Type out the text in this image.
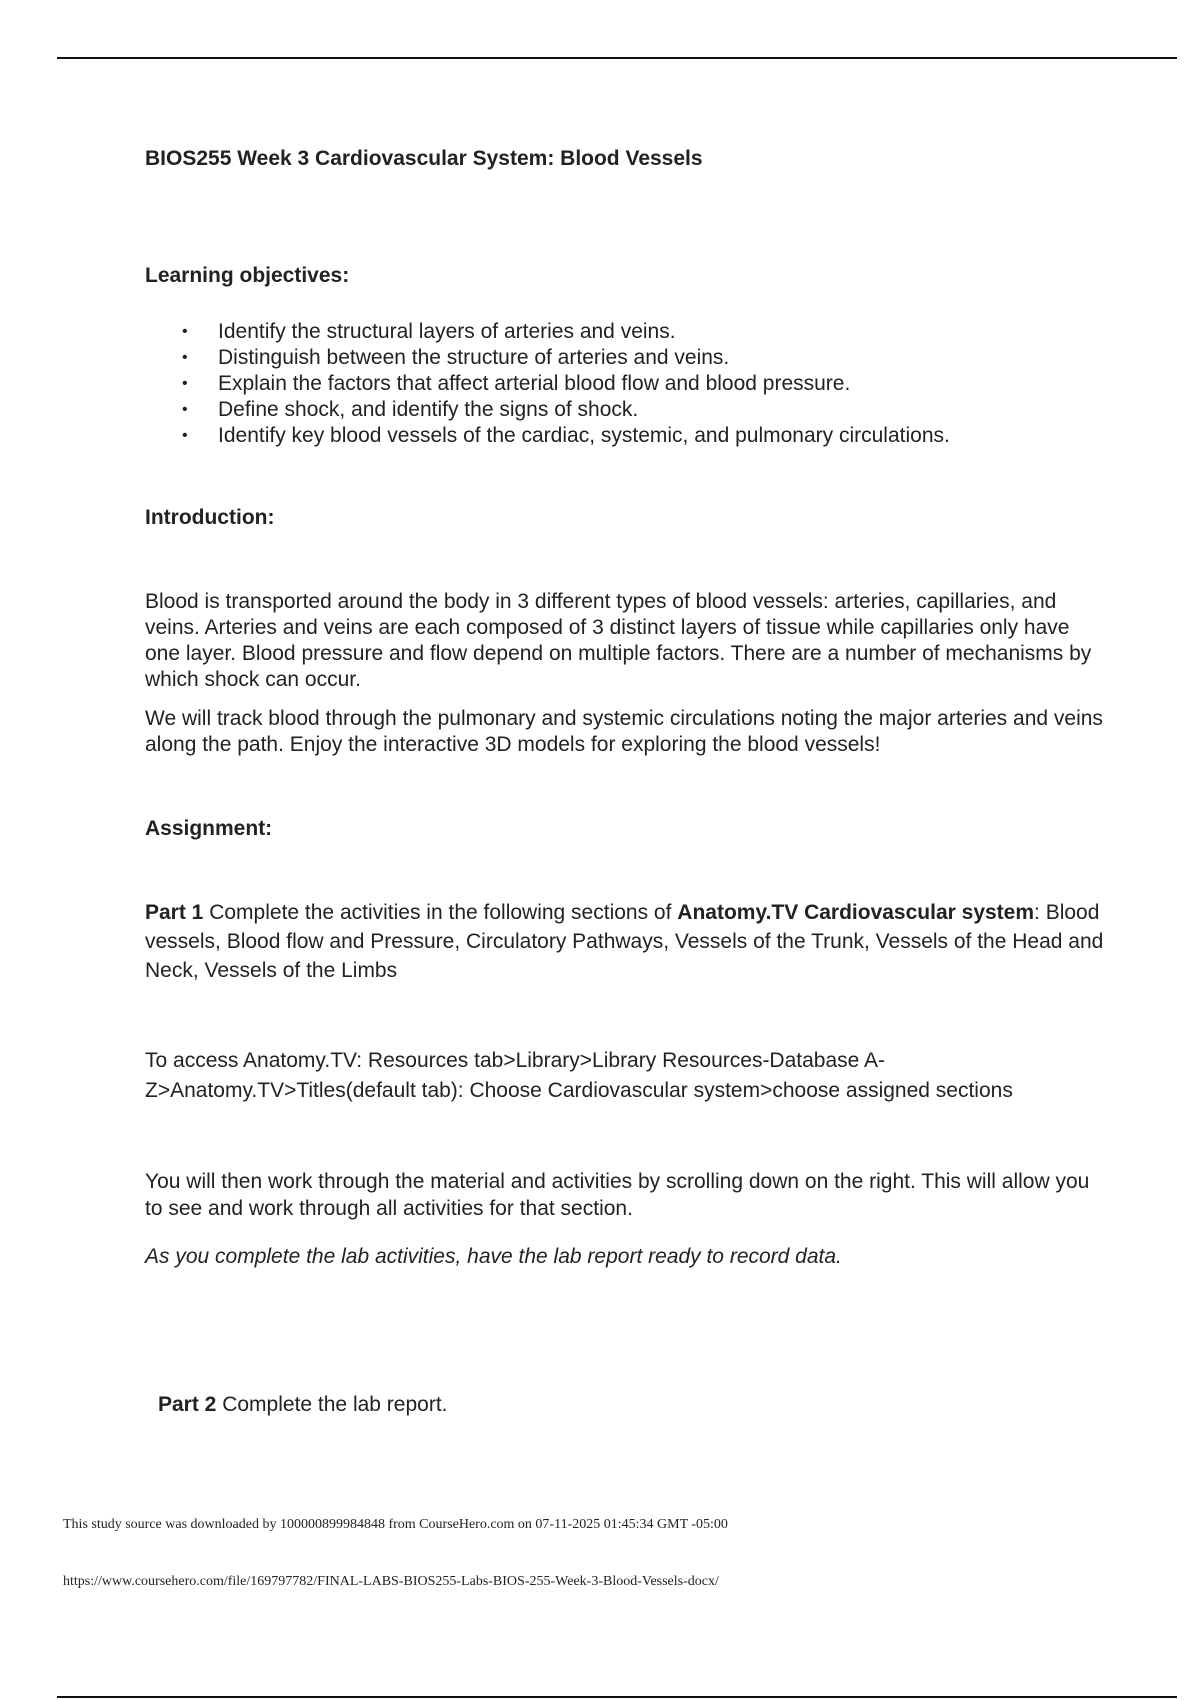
BIOS255 Week 3 Cardiovascular System: Blood Vessels

Learning objectives:

• Identify the structural layers of arteries and veins.
• Distinguish between the structure of arteries and veins.
• Explain the factors that affect arterial blood flow and blood pressure.
• Define shock, and identify the signs of shock.
• Identify key blood vessels of the cardiac, systemic, and pulmonary circulations.

Introduction:

Blood is transported around the body in 3 different types of blood vessels: arteries, capillaries, and veins. Arteries and veins are each composed of 3 distinct layers of tissue while capillaries only have one layer. Blood pressure and flow depend on multiple factors. There are a number of mechanisms by which shock can occur.

We will track blood through the pulmonary and systemic circulations noting the major arteries and veins along the path. Enjoy the interactive 3D models for exploring the blood vessels!

Assignment:

Part 1 Complete the activities in the following sections of Anatomy.TV Cardiovascular system: Blood vessels, Blood flow and Pressure, Circulatory Pathways, Vessels of the Trunk, Vessels of the Head and Neck, Vessels of the Limbs

To access Anatomy.TV: Resources tab>Library>Library Resources-Database A-
Z>Anatomy.TV>Titles(default tab): Choose Cardiovascular system>choose assigned sections

You will then work through the material and activities by scrolling down on the right. This will allow you to see and work through all activities for that section.

As you complete the lab activities, have the lab report ready to record data.

Part 2 Complete the lab report.

This study source was downloaded by 100000899984848 from CourseHero.com on 07-11-2025 01:45:34 GMT -05:00

https://www.coursehero.com/file/169797782/FINAL-LABS-BIOS255-Labs-BIOS-255-Week-3-Blood-Vessels-docx/
